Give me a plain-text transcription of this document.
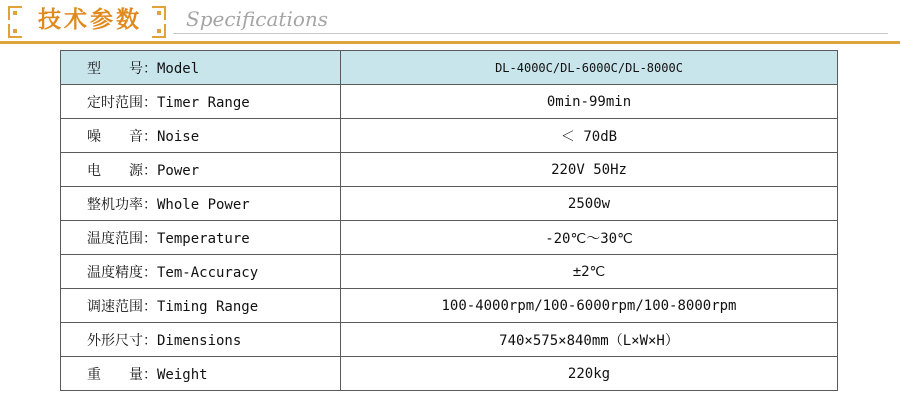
技术参数	Specifications
型　　号：Model	DL-4000C/DL-6000C/DL-8000C
定时范围：Timer Range	0min-99min
噪　　音：Noise	＜ 70dB
电　　源：Power	220V 50Hz
整机功率：Whole Power	2500w
温度范围：Temperature	-20℃～30℃
温度精度：Tem-Accuracy	±2℃
调速范围：Timing Range	100-4000rpm/100-6000rpm/100-8000rpm
外形尺寸：Dimensions	740×575×840mm（L×W×H）
重　　量：Weight	220kg
